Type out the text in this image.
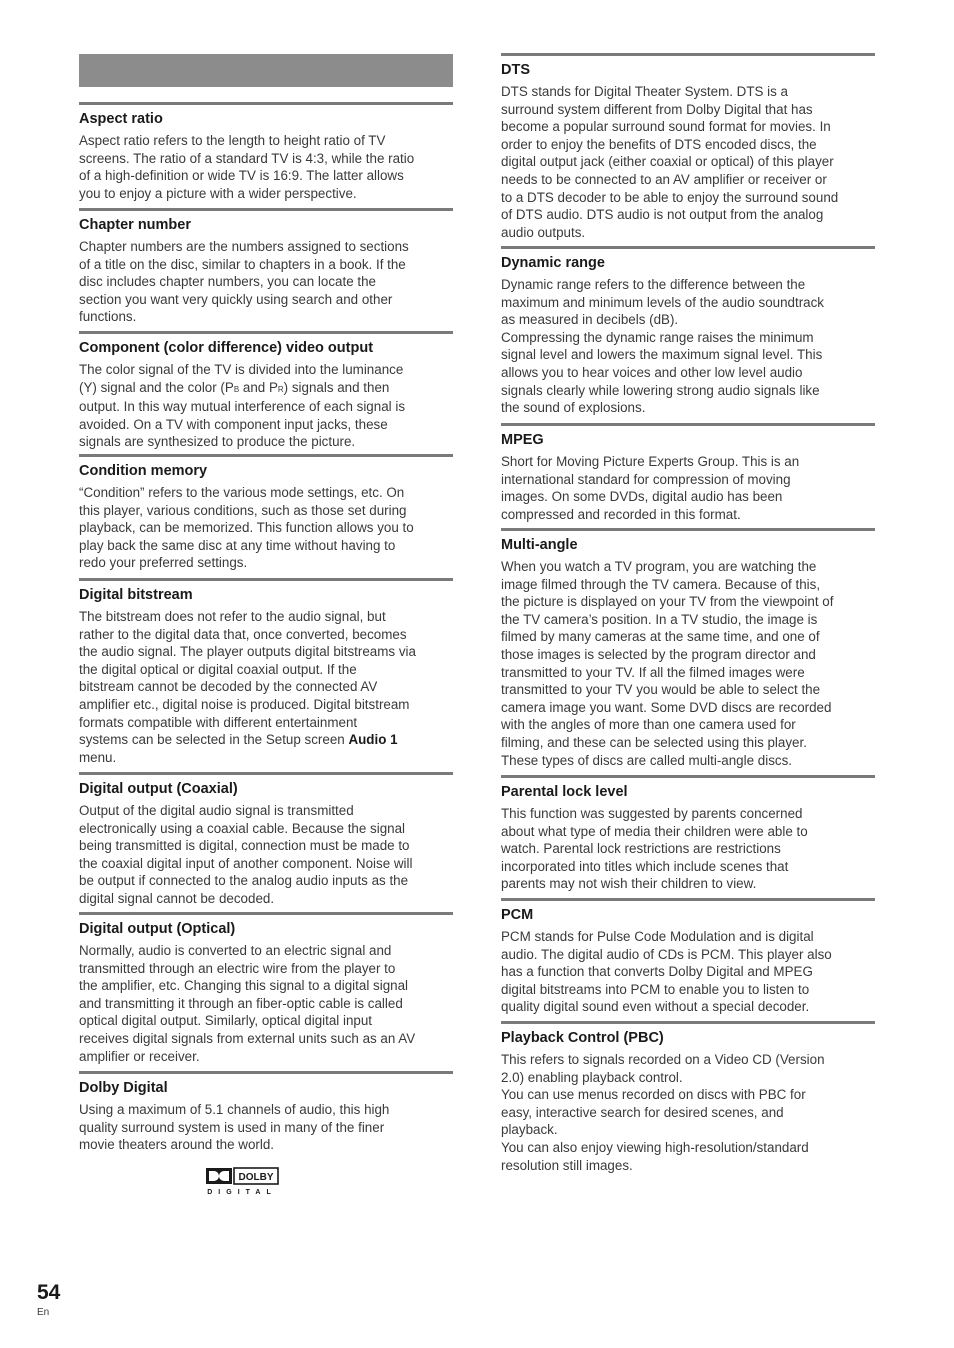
Aspect ratio

Aspect ratio refers to the length to height ratio of TV
screens. The ratio of a standard TV is 4:3, while the ratio
of a high-definition or wide TV is 16:9. The latter allows
you to enjoy a picture with a wider perspective.

Chapter number

Chapter numbers are the numbers assigned to sections
of a title on the disc, similar to chapters in a book. If the
disc includes chapter numbers, you can locate the
section you want very quickly using search and other
functions.

Component (color difference) video output

The color signal of the TV is divided into the luminance
(Y) signal and the color (PB and PR) signals and then
output. In this way mutual interference of each signal is
avoided. On a TV with component input jacks, these
signals are synthesized to produce the picture.

Condition memory

“Condition” refers to the various mode settings, etc. On
this player, various conditions, such as those set during
playback, can be memorized. This function allows you to
play back the same disc at any time without having to
redo your preferred settings.

Digital bitstream

The bitstream does not refer to the audio signal, but
rather to the digital data that, once converted, becomes
the audio signal. The player outputs digital bitstreams via
the digital optical or digital coaxial output. If the
bitstream cannot be decoded by the connected AV
amplifier etc., digital noise is produced. Digital bitstream
formats compatible with different entertainment
systems can be selected in the Setup screen Audio 1
menu.

Digital output (Coaxial)

Output of the digital audio signal is transmitted
electronically using a coaxial cable. Because the signal
being transmitted is digital, connection must be made to
the coaxial digital input of another component. Noise will
be output if connected to the analog audio inputs as the
digital signal cannot be decoded.

Digital output (Optical)

Normally, audio is converted to an electric signal and
transmitted through an electric wire from the player to
the amplifier, etc. Changing this signal to a digital signal
and transmitting it through an fiber-optic cable is called
optical digital output. Similarly, optical digital input
receives digital signals from external units such as an AV
amplifier or receiver.

Dolby Digital

Using a maximum of 5.1 channels of audio, this high
quality surround system is used in many of the finer
movie theaters around the world.

DOLBY
DIGITAL
DTS

DTS stands for Digital Theater System. DTS is a
surround system different from Dolby Digital that has
become a popular surround sound format for movies. In
order to enjoy the benefits of DTS encoded discs, the
digital output jack (either coaxial or optical) of this player
needs to be connected to an AV amplifier or receiver or
to a DTS decoder to be able to enjoy the surround sound
of DTS audio. DTS audio is not output from the analog
audio outputs.

Dynamic range

Dynamic range refers to the difference between the
maximum and minimum levels of the audio soundtrack
as measured in decibels (dB).
Compressing the dynamic range raises the minimum
signal level and lowers the maximum signal level. This
allows you to hear voices and other low level audio
signals clearly while lowering strong audio signals like
the sound of explosions.

MPEG

Short for Moving Picture Experts Group. This is an
international standard for compression of moving
images. On some DVDs, digital audio has been
compressed and recorded in this format.

Multi-angle

When you watch a TV program, you are watching the
image filmed through the TV camera. Because of this,
the picture is displayed on your TV from the viewpoint of
the TV camera’s position. In a TV studio, the image is
filmed by many cameras at the same time, and one of
those images is selected by the program director and
transmitted to your TV. If all the filmed images were
transmitted to your TV you would be able to select the
camera image you want. Some DVD discs are recorded
with the angles of more than one camera used for
filming, and these can be selected using this player.
These types of discs are called multi-angle discs.

Parental lock level

This function was suggested by parents concerned
about what type of media their children were able to
watch. Parental lock restrictions are restrictions
incorporated into titles which include scenes that
parents may not wish their children to view.

PCM

PCM stands for Pulse Code Modulation and is digital
audio. The digital audio of CDs is PCM. This player also
has a function that converts Dolby Digital and MPEG
digital bitstreams into PCM to enable you to listen to
quality digital sound even without a special decoder.

Playback Control (PBC)

This refers to signals recorded on a Video CD (Version
2.0) enabling playback control.
You can use menus recorded on discs with PBC for
easy, interactive search for desired scenes, and
playback.
You can also enjoy viewing high-resolution/standard
resolution still images.

54
En
